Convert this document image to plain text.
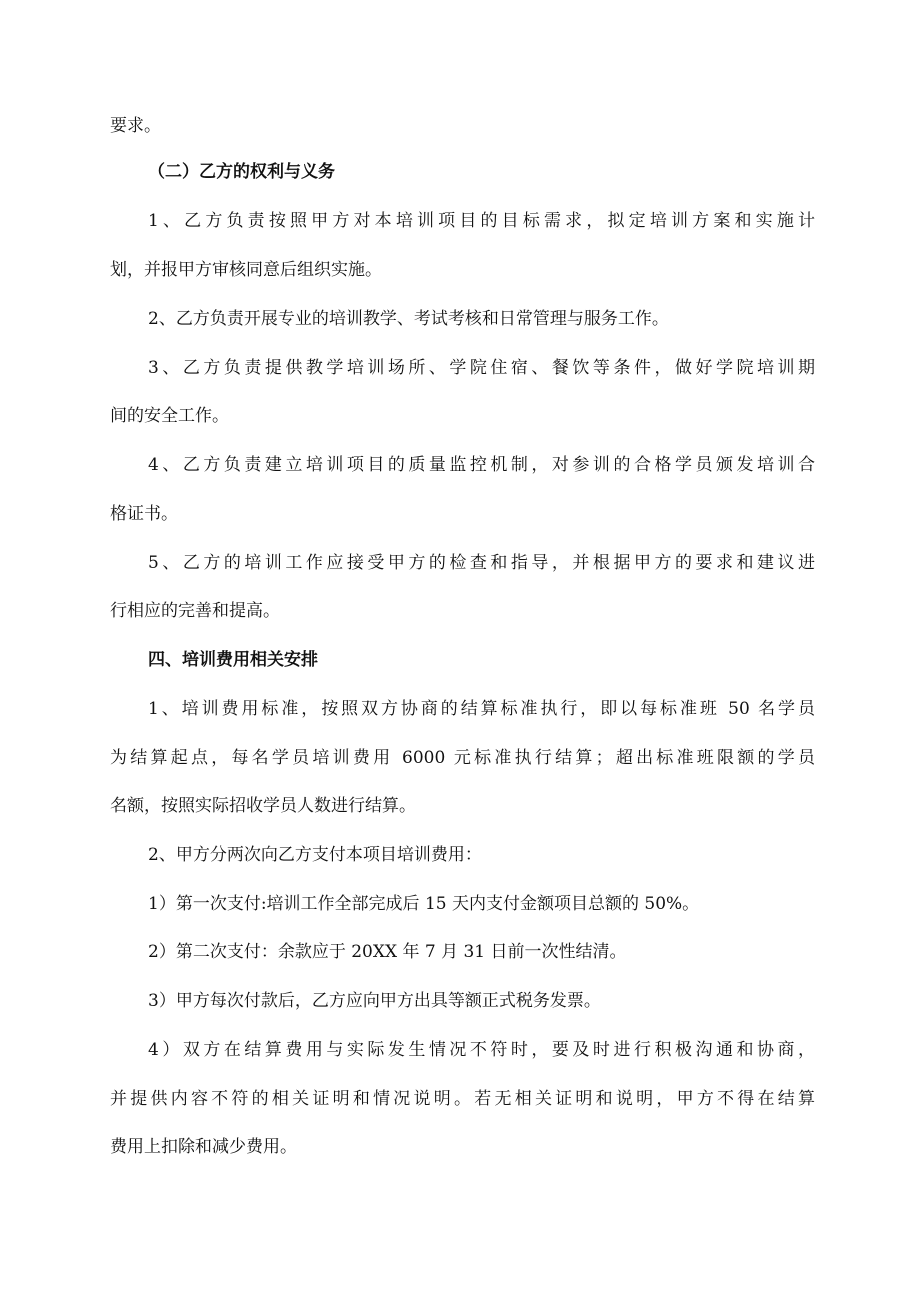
要求。
（二）乙方的权利与义务
1、乙方负责按照甲方对本培训项目的目标需求，拟定培训方案和实施计
划，并报甲方审核同意后组织实施。
2、乙方负责开展专业的培训教学、考试考核和日常管理与服务工作。
3、乙方负责提供教学培训场所、学院住宿、餐饮等条件，做好学院培训期
间的安全工作。
4、乙方负责建立培训项目的质量监控机制，对参训的合格学员颁发培训合
格证书。
5、乙方的培训工作应接受甲方的检查和指导，并根据甲方的要求和建议进
行相应的完善和提高。
四、培训费用相关安排
1、培训费用标准，按照双方协商的结算标准执行，即以每标准班 50 名学员
为结算起点，每名学员培训费用 6000 元标准执行结算；超出标准班限额的学员
名额，按照实际招收学员人数进行结算。
2、甲方分两次向乙方支付本项目培训费用：
1）第一次支付:培训工作全部完成后 15 天内支付金额项目总额的 50%。
2）第二次支付：余款应于 20XX 年 7 月 31 日前一次性结清。
3）甲方每次付款后，乙方应向甲方出具等额正式税务发票。
4）双方在结算费用与实际发生情况不符时，要及时进行积极沟通和协商，
并提供内容不符的相关证明和情况说明。若无相关证明和说明，甲方不得在结算
费用上扣除和减少费用。
